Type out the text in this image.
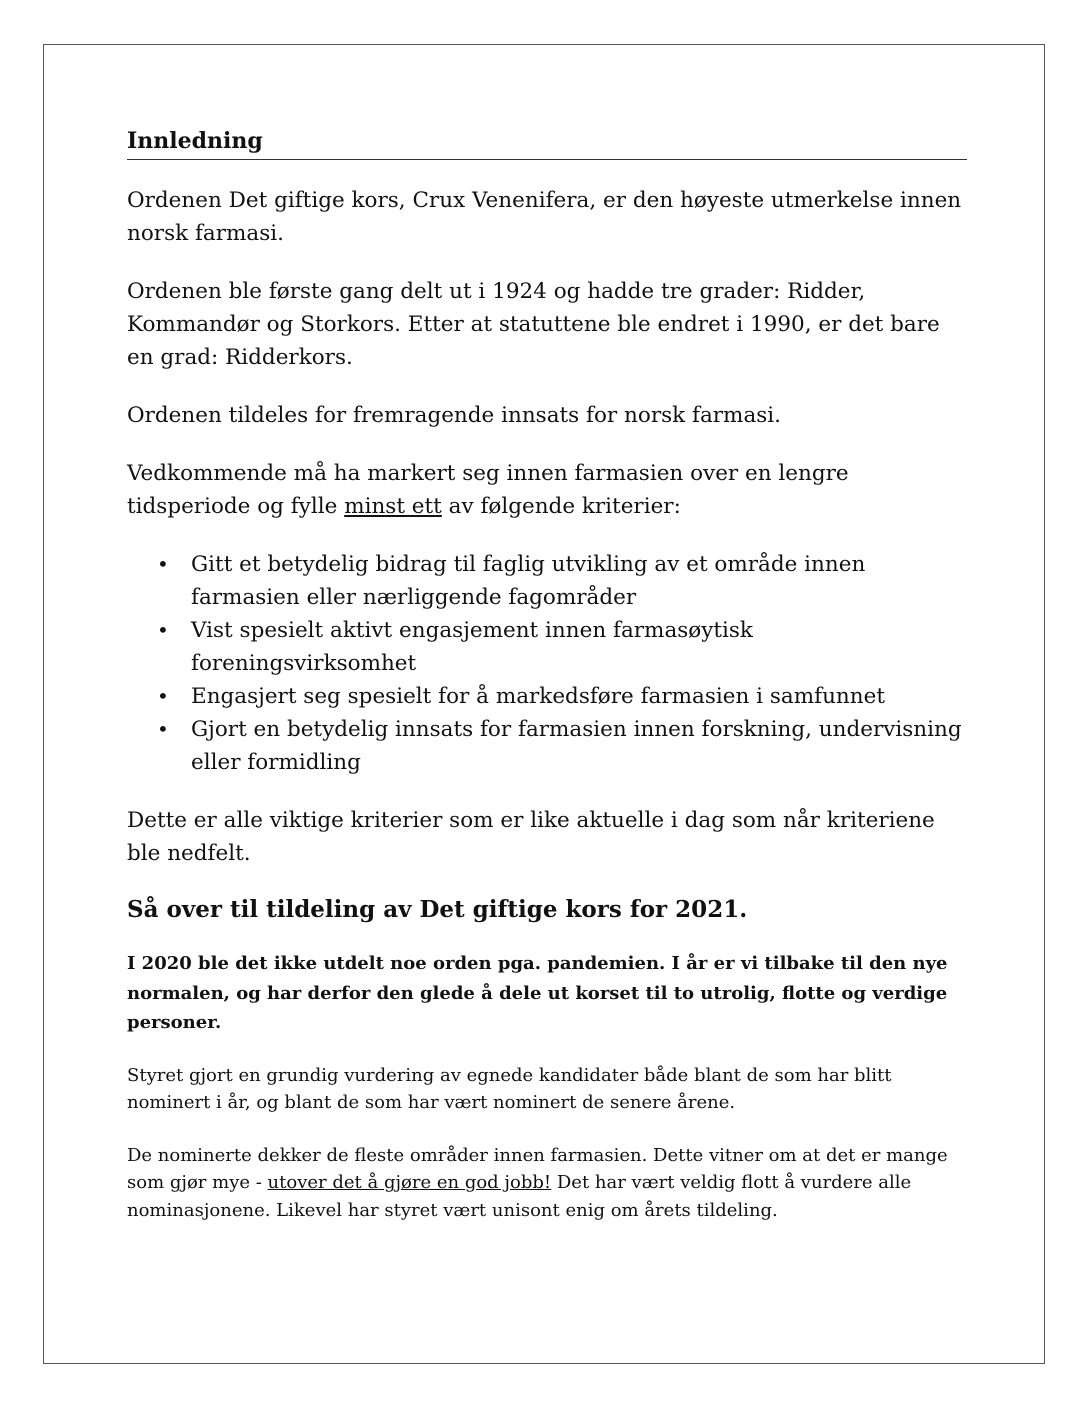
Innledning

Ordenen Det giftige kors, Crux Venenifera, er den høyeste utmerkelse innen norsk farmasi.

Ordenen ble første gang delt ut i 1924 og hadde tre grader: Ridder, Kommandør og Storkors. Etter at statuttene ble endret i 1990, er det bare en grad: Ridderkors.

Ordenen tildeles for fremragende innsats for norsk farmasi.

Vedkommende må ha markert seg innen farmasien over en lengre tidsperiode og fylle minst ett av følgende kriterier:

• Gitt et betydelig bidrag til faglig utvikling av et område innen farmasien eller nærliggende fagområder
• Vist spesielt aktivt engasjement innen farmasøytisk foreningsvirksomhet
• Engasjert seg spesielt for å markedsføre farmasien i samfunnet
• Gjort en betydelig innsats for farmasien innen forskning, undervisning eller formidling

Dette er alle viktige kriterier som er like aktuelle i dag som når kriteriene ble nedfelt.

Så over til tildeling av Det giftige kors for 2021.

I 2020 ble det ikke utdelt noe orden pga. pandemien. I år er vi tilbake til den nye normalen, og har derfor den glede å dele ut korset til to utrolig, flotte og verdige personer.

Styret gjort en grundig vurdering av egnede kandidater både blant de som har blitt nominert i år, og blant de som har vært nominert de senere årene.

De nominerte dekker de fleste områder innen farmasien. Dette vitner om at det er mange som gjør mye - utover det å gjøre en god jobb! Det har vært veldig flott å vurdere alle nominasjonene. Likevel har styret vært unisont enig om årets tildeling.
